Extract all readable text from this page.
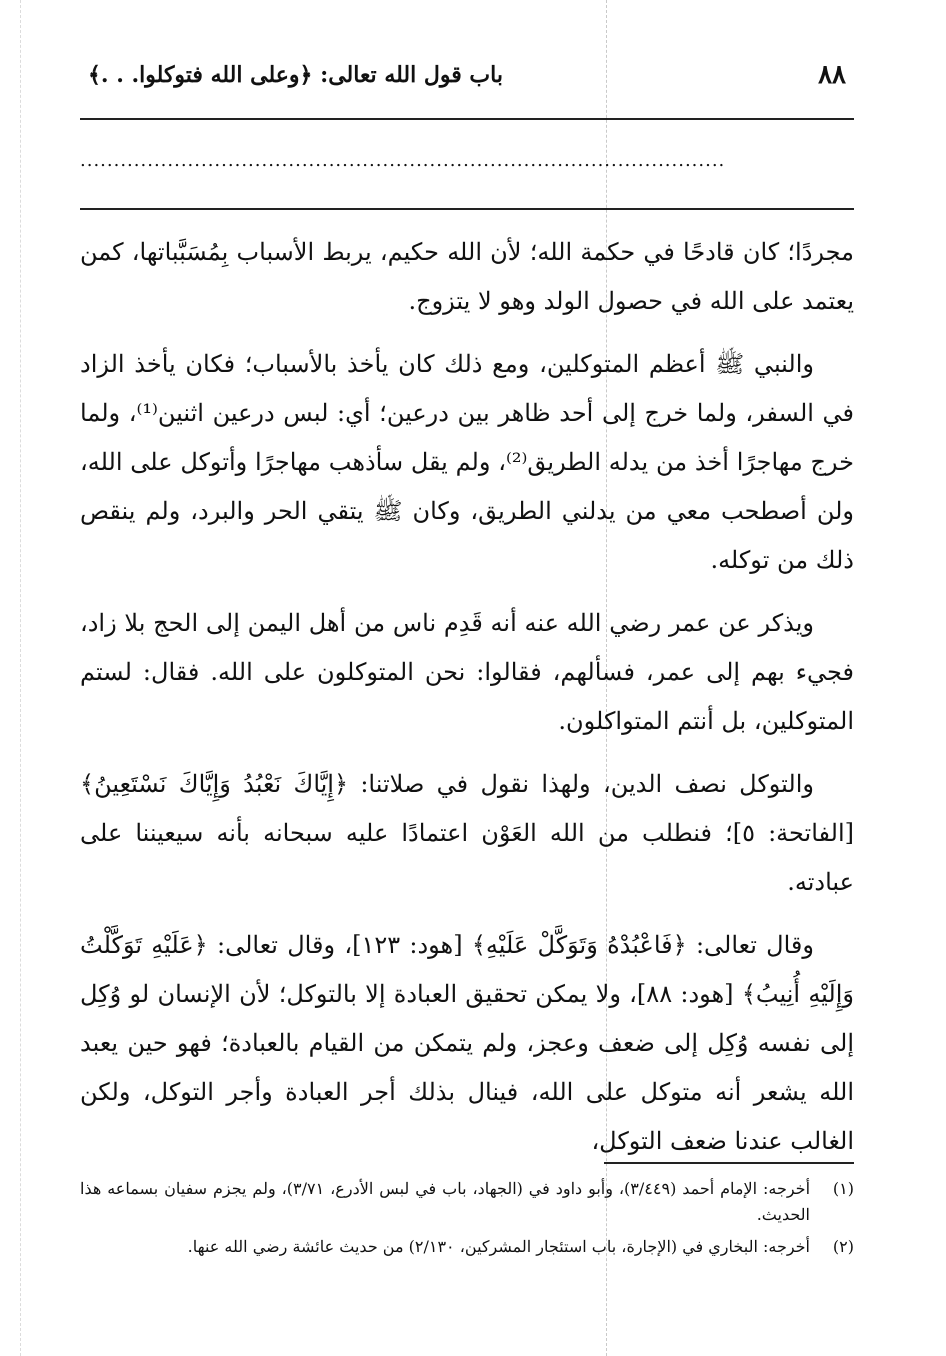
٨٨
باب قول الله تعالى: ﴿وعلى الله فتوكلوا. . .﴾
................................................................................................

مجردًا؛ كان قادحًا في حكمة الله؛ لأن الله حكيم، يربط الأسباب بِمُسَبَّباتها، كمن يعتمد على الله في حصول الولد وهو لا يتزوج.

والنبي ﷺ أعظم المتوكلين، ومع ذلك كان يأخذ بالأسباب؛ فكان يأخذ الزاد في السفر، ولما خرج إلى أحد ظاهر بين درعين؛ أي: لبس درعين اثنين⁽¹⁾، ولما خرج مهاجرًا أخذ من يدله الطريق⁽²⁾، ولم يقل سأذهب مهاجرًا وأتوكل على الله، ولن أصطحب معي من يدلني الطريق، وكان ﷺ يتقي الحر والبرد، ولم ينقص ذلك من توكله.

ويذكر عن عمر رضي الله عنه أنه قَدِم ناس من أهل اليمن إلى الحج بلا زاد، فجيء بهم إلى عمر، فسألهم، فقالوا: نحن المتوكلون على الله. فقال: لستم المتوكلين، بل أنتم المتواكلون.

والتوكل نصف الدين، ولهذا نقول في صلاتنا: ﴿إِيَّاكَ نَعْبُدُ وَإِيَّاكَ نَسْتَعِينُ﴾ [الفاتحة: ٥]؛ فنطلب من الله العَوْن اعتمادًا عليه سبحانه بأنه سيعيننا على عبادته.

وقال تعالى: ﴿فَاعْبُدْهُ وَتَوَكَّلْ عَلَيْهِ﴾ [هود: ١٢٣]، وقال تعالى: ﴿عَلَيْهِ تَوَكَّلْتُ وَإِلَيْهِ أُنِيبُ﴾ [هود: ٨٨]، ولا يمكن تحقيق العبادة إلا بالتوكل؛ لأن الإنسان لو وُكِل إلى نفسه وُكِل إلى ضعف وعجز، ولم يتمكن من القيام بالعبادة؛ فهو حين يعبد الله يشعر أنه متوكل على الله، فينال بذلك أجر العبادة وأجر التوكل، ولكن الغالب عندنا ضعف التوكل،

(١)
أخرجه: الإمام أحمد (٣/٤٤٩)، وأبو داود في (الجهاد، باب في لبس الأدرع، ٣/٧١)، ولم يجزم سفيان بسماعه هذا الحديث.
(٢)
أخرجه: البخاري في (الإجارة، باب استئجار المشركين، ٢/١٣٠) من حديث عائشة رضي الله عنها.
